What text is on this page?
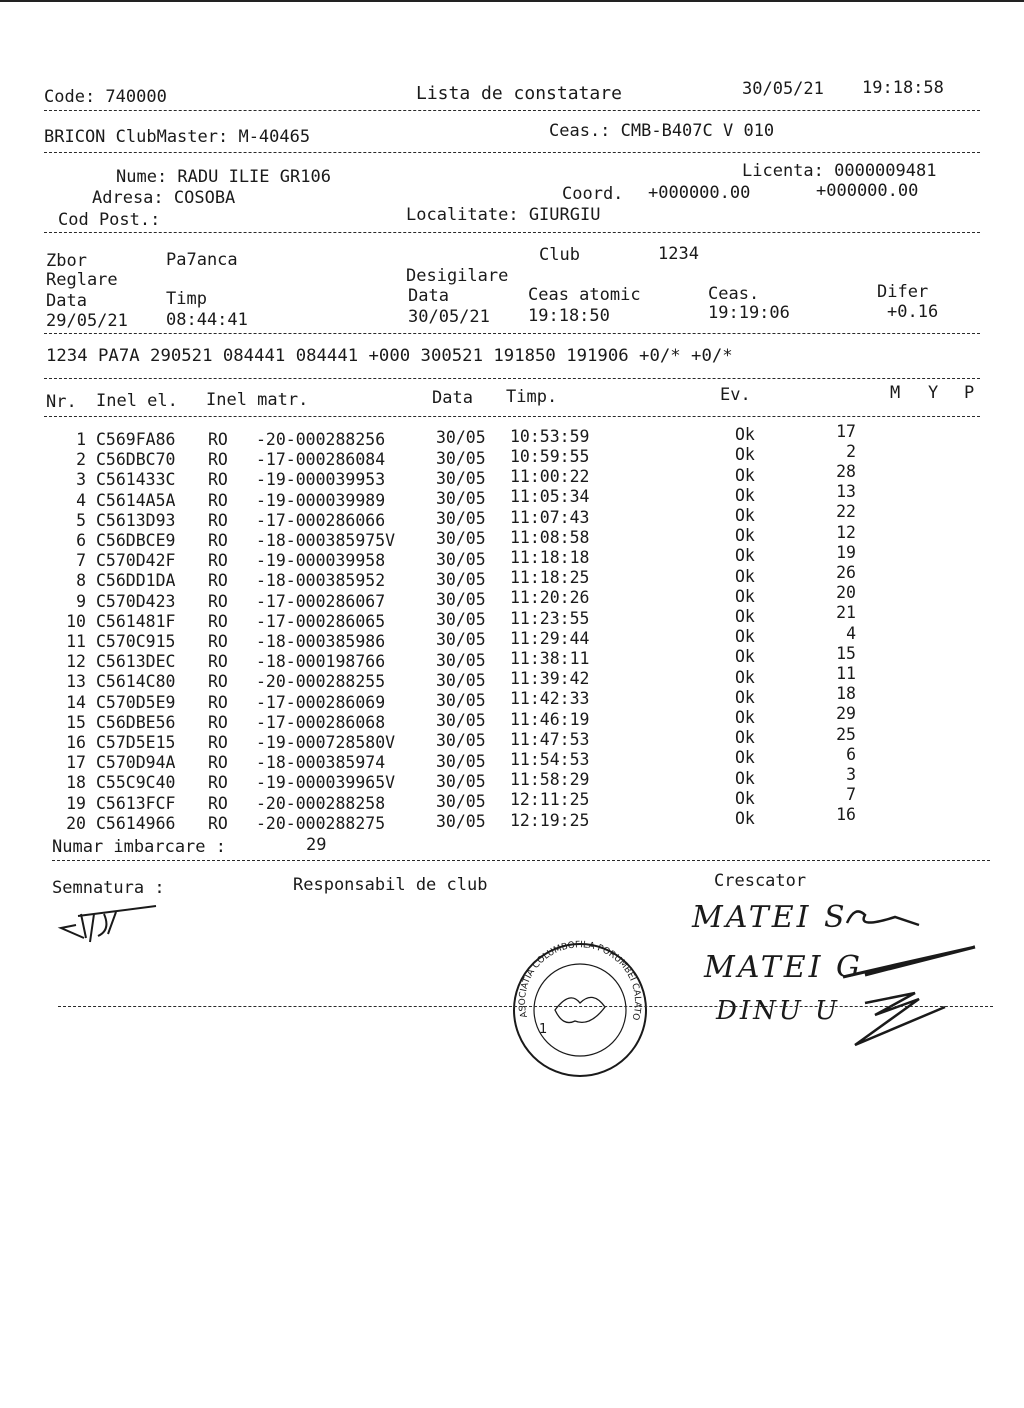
Code: 740000	Lista de constatare	30/05/21 19:18:58
BRICON ClubMaster: M-40465	Ceas.: CMB-B407C V 010
Nume: RADU ILIE GR106	Licenta: 0000009481
Adresa: COSOBA	Coord. +000000.00	+000000.00
Cod Post.:	Localitate: GIURGIU
Zbor	Pa7anca	Club	1234
Reglare	Desigilare
Data	Timp	Data	Ceas atomic	Ceas.	Difer
29/05/21 08:44:41	30/05/21 19:18:50	19:19:06	+0.16
1234 PA7A 290521 084441 084441 +000 300521 191850 191906 +0/* +0/*
Nr. Inel el. Inel matr.	Data Timp.	Ev.	M Y P
1 C569FA86 RO -20-000288256	30/05 10:53:59	Ok	17
2 C56DBC70 RO -17-000286084	30/05 10:59:55	Ok	2
3 C561433C RO -19-000039953	30/05 11:00:22	Ok	28
4 C5614A5A RO -19-000039989	30/05 11:05:34	Ok	13
5 C5613D93 RO -17-000286066	30/05 11:07:43	Ok	22
6 C56DBCE9 RO -18-000385975V 30/05 11:08:58	Ok	12
7 C570D42F RO -19-000039958	30/05 11:18:18	Ok	19
8 C56DD1DA RO -18-000385952	30/05 11:18:25	Ok	26
9 C570D423 RO -17-000286067	30/05 11:20:26	Ok	20
10 C561481F RO -17-000286065	30/05 11:23:55	Ok	21
11 C570C915 RO -18-000385986	30/05 11:29:44	Ok	4
12 C5613DEC RO -18-000198766	30/05 11:38:11	Ok	15
13 C5614C80 RO -20-000288255	30/05 11:39:42	Ok	11
14 C570D5E9 RO -17-000286069	30/05 11:42:33	Ok	18
15 C56DBE56 RO -17-000286068	30/05 11:46:19	Ok	29
16 C57D5E15 RO -19-000728580V 30/05 11:47:53	Ok	25
17 C570D94A RO -18-000385974	30/05 11:54:53	Ok	6
18 C55C9C40 RO -19-000039965V 30/05 11:58:29	Ok	3
19 C5613FCF RO -20-000288258	30/05 12:11:25	Ok	7
20 C5614966 RO -20-000288275	30/05 12:19:25	Ok	16
Numar imbarcare :	29
Semnatura :	Responsabil de club	Crescator
MATEI S
MATEI G
DINU U
ASOCIATIA COLUMBOFILA PORUMBEI CALATORI CENTRUL DE IMBARCARE NR. 1
1
